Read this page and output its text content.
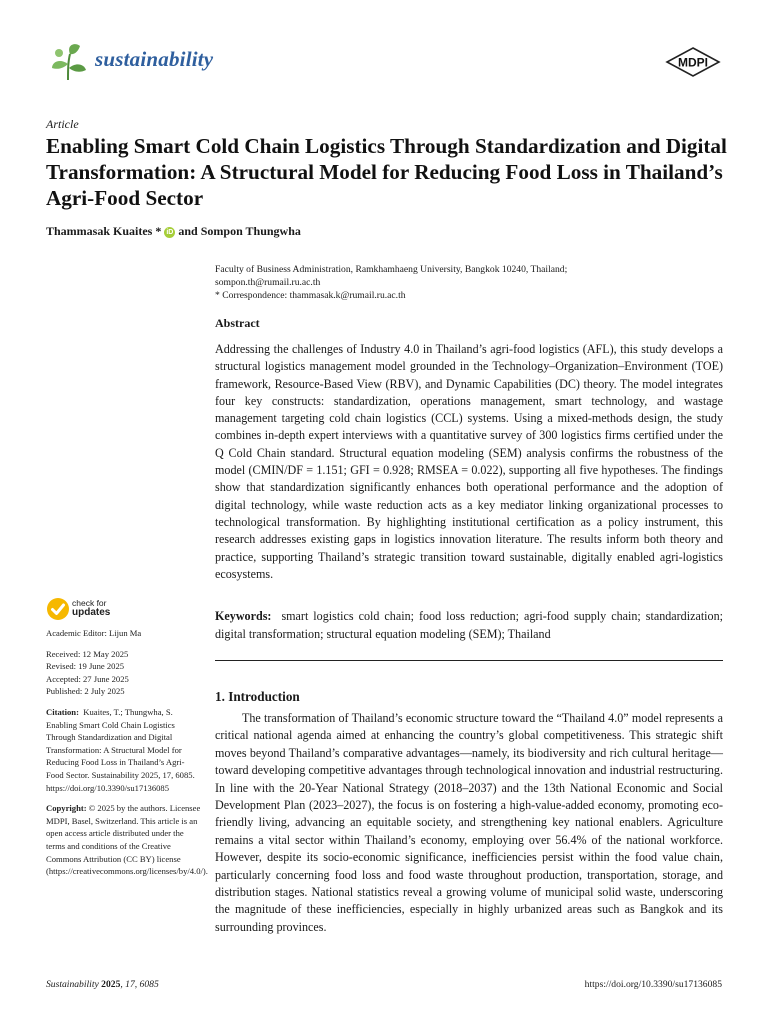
sustainability	MDPI
Article
Enabling Smart Cold Chain Logistics Through Standardization and Digital Transformation: A Structural Model for Reducing Food Loss in Thailand’s Agri-Food Sector
Thammasak Kuaites * iD and Sompon Thungwha
Faculty of Business Administration, Ramkhamhaeng University, Bangkok 10240, Thailand;
sompon.th@rumail.ru.ac.th
* Correspondence: thammasak.k@rumail.ru.ac.th
Abstract

Addressing the challenges of Industry 4.0 in Thailand’s agri-food logistics (AFL), this study develops a structural logistics management model grounded in the Technology–Organization–Environment (TOE) framework, Resource-Based View (RBV), and Dynamic Capabilities (DC) theory. The model integrates four key constructs: standardization, operations management, smart technology, and wastage management targeting cold chain logistics (CCL) systems. Using a mixed-methods design, the study combines in-depth expert interviews with a quantitative survey of 300 logistics firms certified under the Q Cold Chain standard. Structural equation modeling (SEM) analysis confirms the robustness of the model (CMIN/DF = 1.151; GFI = 0.928; RMSEA = 0.022), supporting all five hypotheses. The findings show that standardization significantly enhances both operational performance and the adoption of digital technology, while waste reduction acts as a key mediator linking organizational processes to technological transformation. By highlighting institutional certification as a policy instrument, this research addresses existing gaps in logistics innovation literature. The results inform both theory and practice, supporting Thailand’s strategic transition toward sustainable, digitally enabled agri-logistics ecosystems.

Keywords: smart logistics cold chain; food loss reduction; agri-food supply chain; standardization; digital transformation; structural equation modeling (SEM); Thailand

1. Introduction

The transformation of Thailand’s economic structure toward the “Thailand 4.0” model represents a critical national agenda aimed at enhancing the country’s global competitiveness. This strategic shift moves beyond Thailand’s comparative advantages—namely, its biodiversity and rich cultural heritage—toward developing competitive advantages through technological innovation and industrial restructuring. In line with the 20-Year National Strategy (2018–2037) and the 13th National Economic and Social Development Plan (2023–2027), the focus is on fostering a high-value-added economy, promoting eco-friendly living, advancing an equitable society, and strengthening key national enablers. Agriculture remains a vital sector within Thailand’s economy, employing over 56.4% of the national workforce. However, despite its socio-economic significance, inefficiencies persist within the food value chain, particularly concerning food loss and food waste throughout production, transportation, storage, and distribution stages. National statistics reveal a growing volume of municipal solid waste, underscoring the magnitude of these inefficiencies, especially in highly urbanized areas such as Bangkok and its surrounding provinces.

check for
updates
Academic Editor: Lijun Ma
Received: 12 May 2025
Revised: 19 June 2025
Accepted: 27 June 2025
Published: 2 July 2025

Citation: Kuaites, T.; Thungwha, S. Enabling Smart Cold Chain Logistics Through Standardization and Digital Transformation: A Structural Model for Reducing Food Loss in Thailand’s Agri-Food Sector. Sustainability 2025, 17, 6085. https://doi.org/10.3390/su17136085

Copyright: © 2025 by the authors. Licensee MDPI, Basel, Switzerland. This article is an open access article distributed under the terms and conditions of the Creative Commons Attribution (CC BY) license (https://creativecommons.org/licenses/by/4.0/).

Sustainability 2025, 17, 6085	https://doi.org/10.3390/su17136085
